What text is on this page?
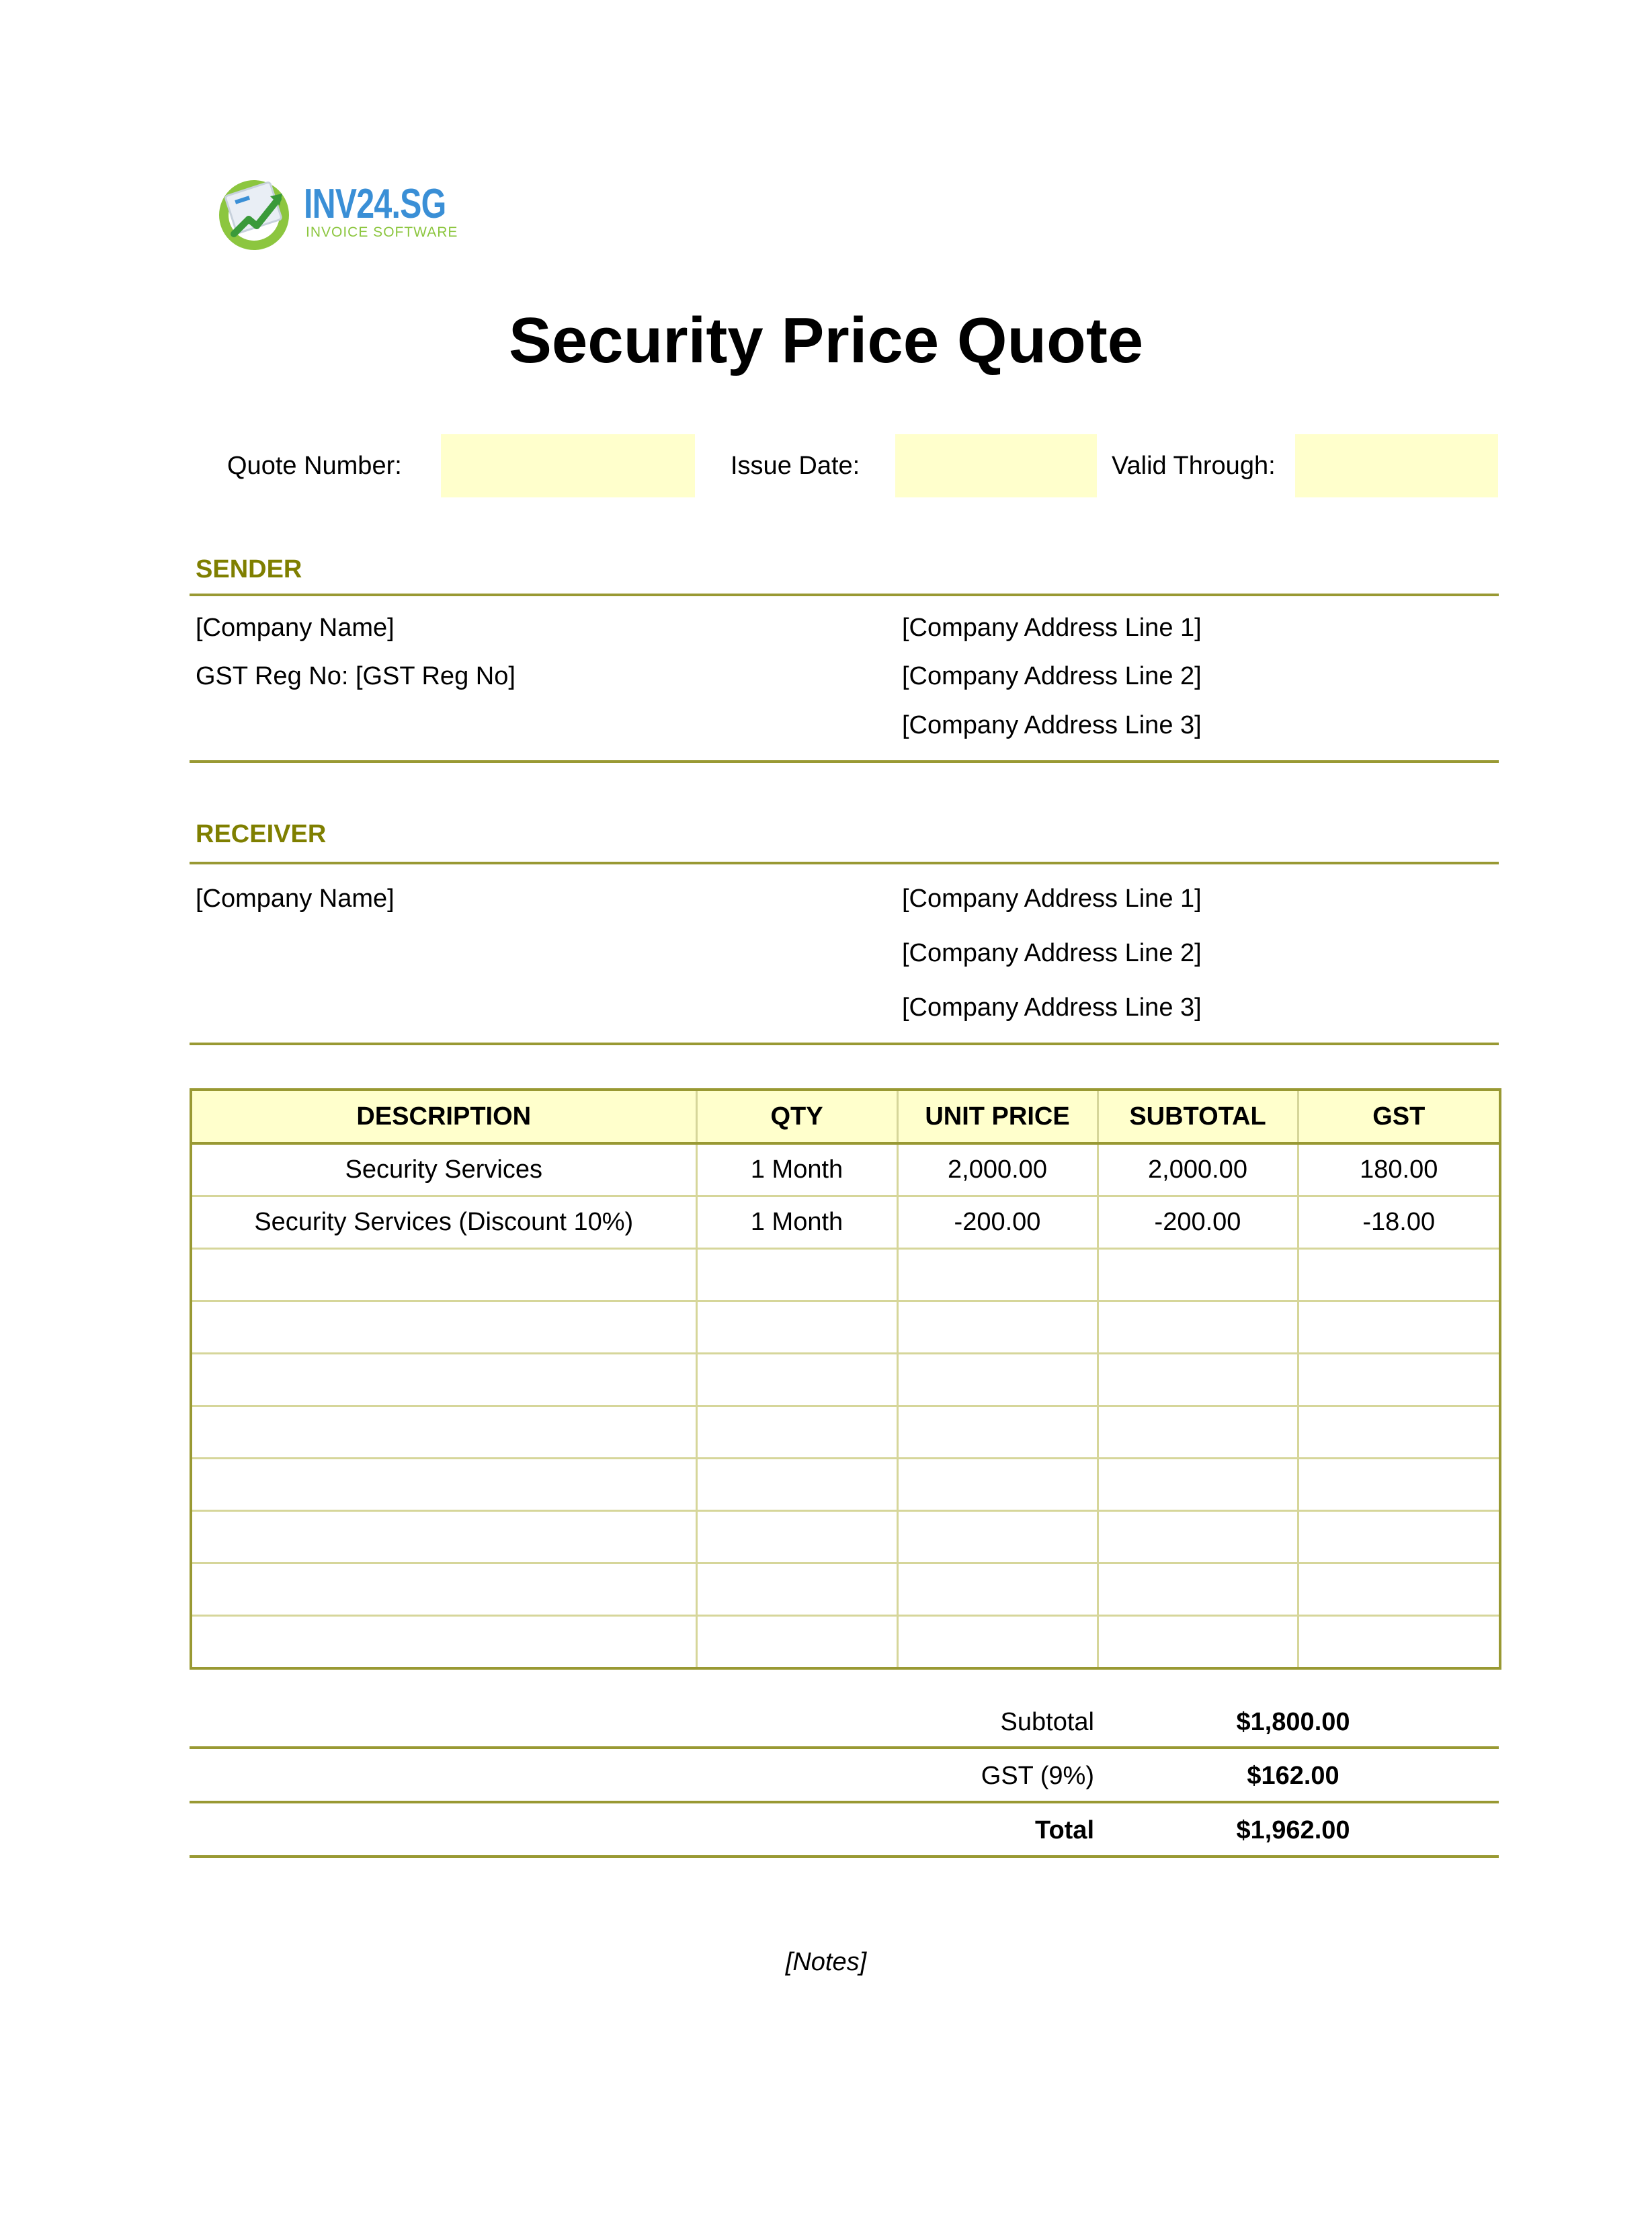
INV24.SG
INVOICE SOFTWARE
Security Price Quote
Quote Number:	Issue Date:	Valid Through:
SENDER
[Company Name]
GST Reg No: [GST Reg No]
[Company Address Line 1]
[Company Address Line 2]
[Company Address Line 3]
RECEIVER
[Company Name]	[Company Address Line 1]
[Company Address Line 2]
[Company Address Line 3]
DESCRIPTION	QTY	UNIT PRICE	SUBTOTAL	GST
Security Services	1 Month	2,000.00	2,000.00	180.00
Security Services (Discount 10%)	1 Month	-200.00	-200.00	-18.00

Subtotal	$1,800.00
GST (9%)	$162.00
Total	$1,962.00
[Notes]
